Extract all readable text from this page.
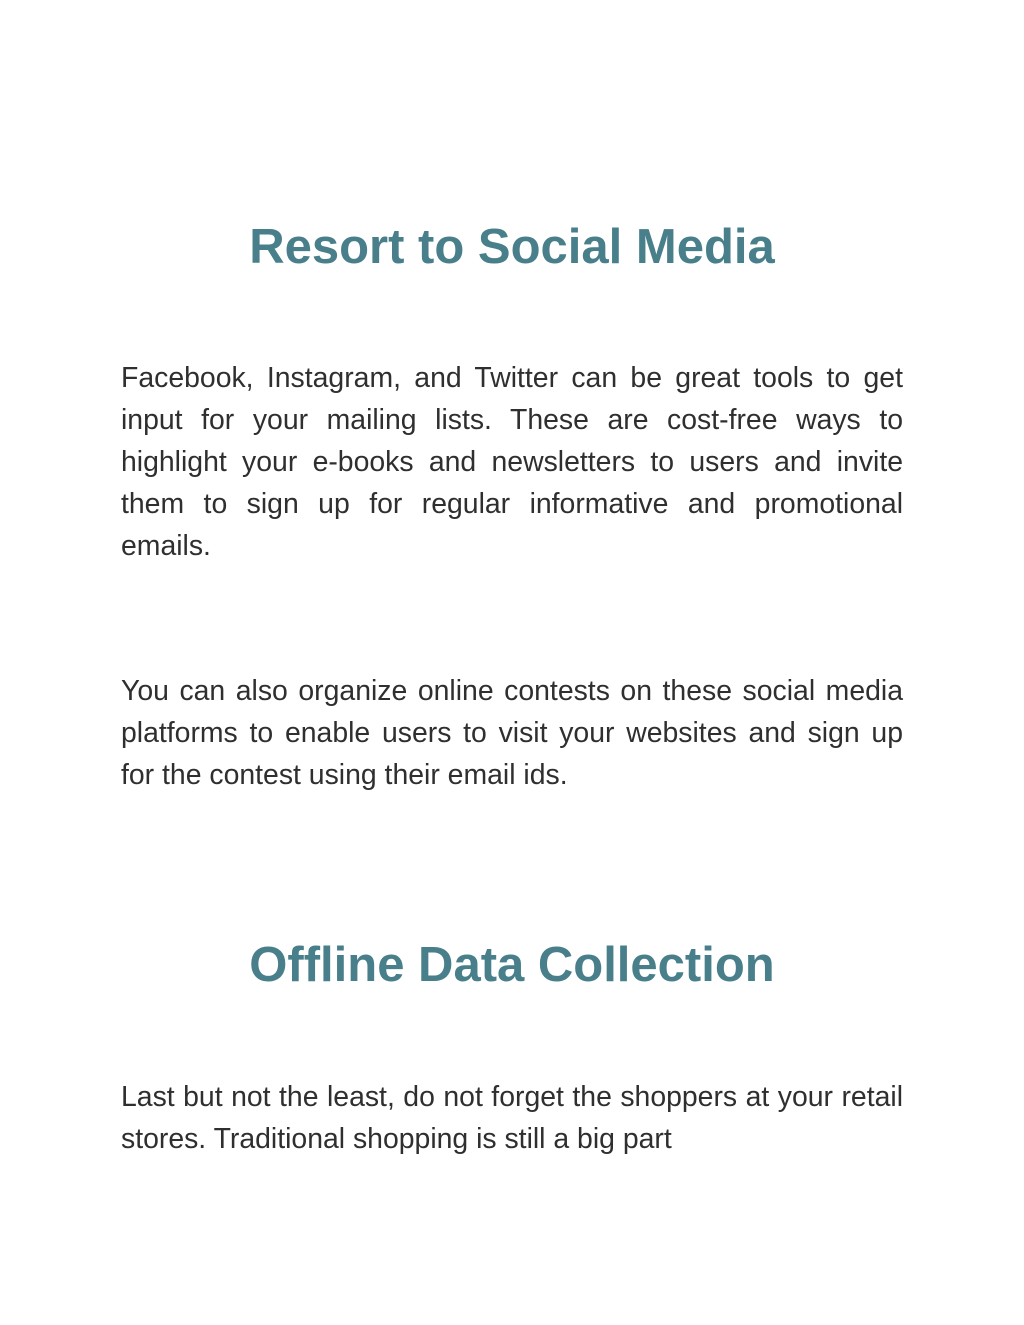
Resort to Social Media

Facebook, Instagram, and Twitter can be great tools to get input for your mailing lists. These are cost-free ways to highlight your e-books and newsletters to users and invite them to sign up for regular informative and promotional emails.

You can also organize online contests on these social media platforms to enable users to visit your websites and sign up for the contest using their email ids.

Offline Data Collection

Last but not the least, do not forget the shoppers at your retail stores. Traditional shopping is still a big part
